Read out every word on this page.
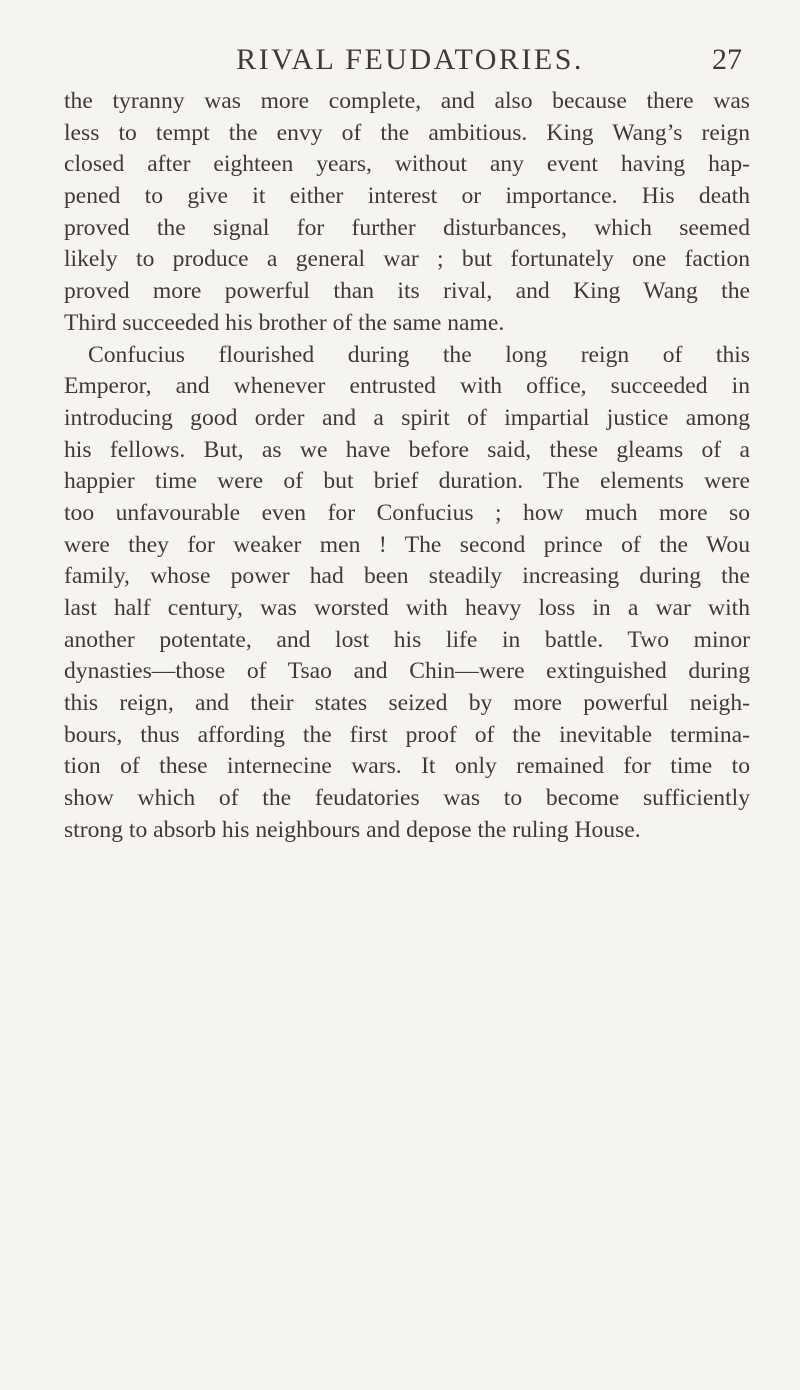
RIVAL FEUDATORIES.	27
the tyranny was more complete, and also because there was
less to tempt the envy of the ambitious. King Wang’s reign
closed after eighteen years, without any event having hap-
pened to give it either interest or importance. His death
proved the signal for further disturbances, which seemed
likely to produce a general war ; but fortunately one faction
proved more powerful than its rival, and King Wang the
Third succeeded his brother of the same name.
Confucius flourished during the long reign of this
Emperor, and whenever entrusted with office, succeeded in
introducing good order and a spirit of impartial justice among
his fellows. But, as we have before said, these gleams of a
happier time were of but brief duration. The elements were
too unfavourable even for Confucius ; how much more so
were they for weaker men ! The second prince of the Wou
family, whose power had been steadily increasing during the
last half century, was worsted with heavy loss in a war with
another potentate, and lost his life in battle. Two minor
dynasties—those of Tsao and Chin—were extinguished during
this reign, and their states seized by more powerful neigh-
bours, thus affording the first proof of the inevitable termina-
tion of these internecine wars. It only remained for time to
show which of the feudatories was to become sufficiently
strong to absorb his neighbours and depose the ruling House.
